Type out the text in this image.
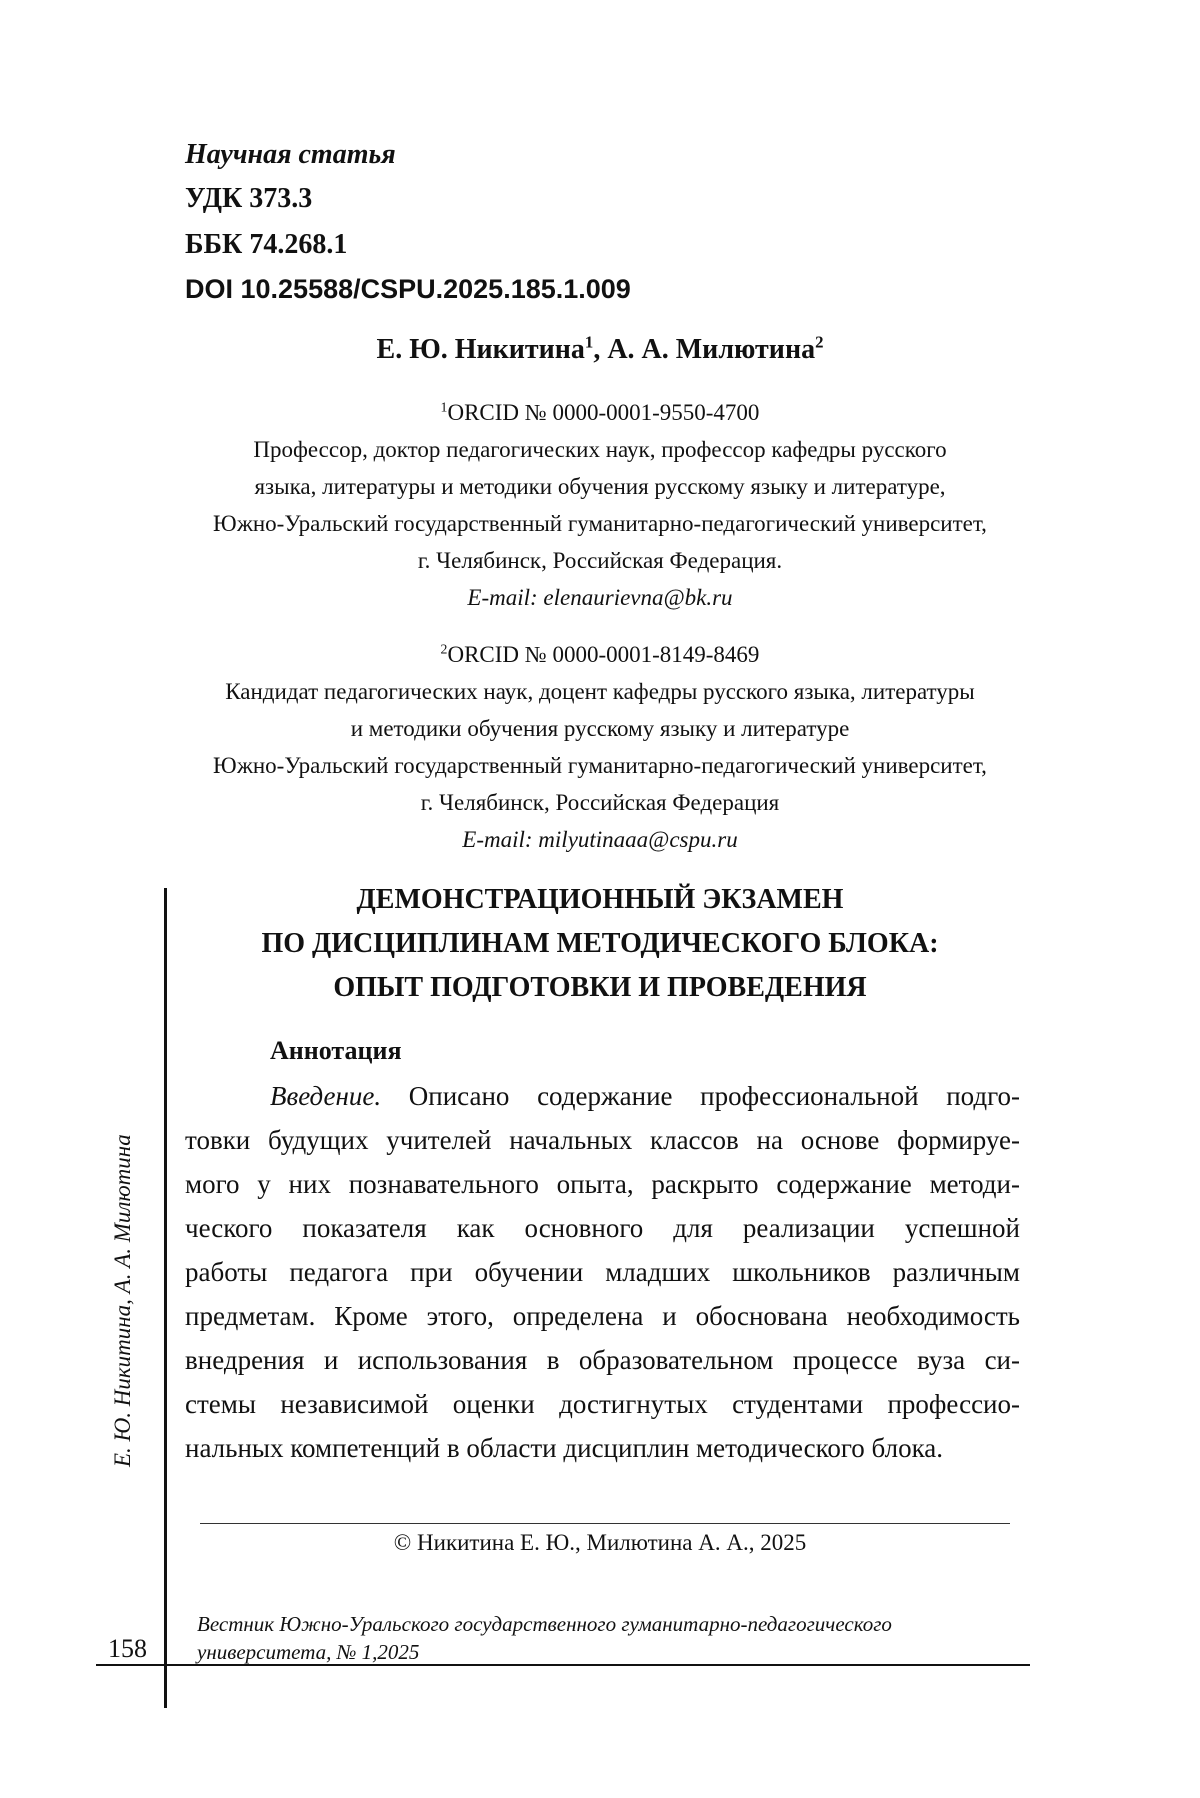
Научная статья
УДК 373.3
ББК 74.268.1
DOI 10.25588/CSPU.2025.185.1.009
Е. Ю. Никитина1, А. А. Милютина2
1ORCID № 0000-0001-9550-4700
Профессор, доктор педагогических наук, профессор кафедры русского
языка, литературы и методики обучения русскому языку и литературе,
Южно-Уральский государственный гуманитарно-педагогический университет,
г. Челябинск, Российская Федерация.
E-mail: elenaurievna@bk.ru
2ORCID № 0000-0001-8149-8469
Кандидат педагогических наук, доцент кафедры русского языка, литературы
и методики обучения русскому языку и литературе
Южно-Уральский государственный гуманитарно-педагогический университет,
г. Челябинск, Российская Федерация
E-mail: milyutinaaa@cspu.ru
ДЕМОНСТРАЦИОННЫЙ ЭКЗАМЕН
ПО ДИСЦИПЛИНАМ МЕТОДИЧЕСКОГО БЛОКА:
ОПЫТ ПОДГОТОВКИ И ПРОВЕДЕНИЯ
Аннотация

Введение. Описано содержание профессиональной подго-

товки будущих учителей начальных классов на основе формируе-

мого у них познавательного опыта, раскрыто содержание методи-

ческого показателя как основного для реализации успешной

работы педагога при обучении младших школьников различным

предметам. Кроме этого, определена и обоснована необходимость

внедрения и использования в образовательном процессе вуза си-

стемы независимой оценки достигнутых студентами профессио-

нальных компетенций в области дисциплин методического блока.

Е. Ю. Никитина, А. А. Милютина
© Никитина Е. Ю., Милютина А. А., 2025
158
Вестник Южно-Уральского государственного гуманитарно-педагогического
университета, № 1,2025
